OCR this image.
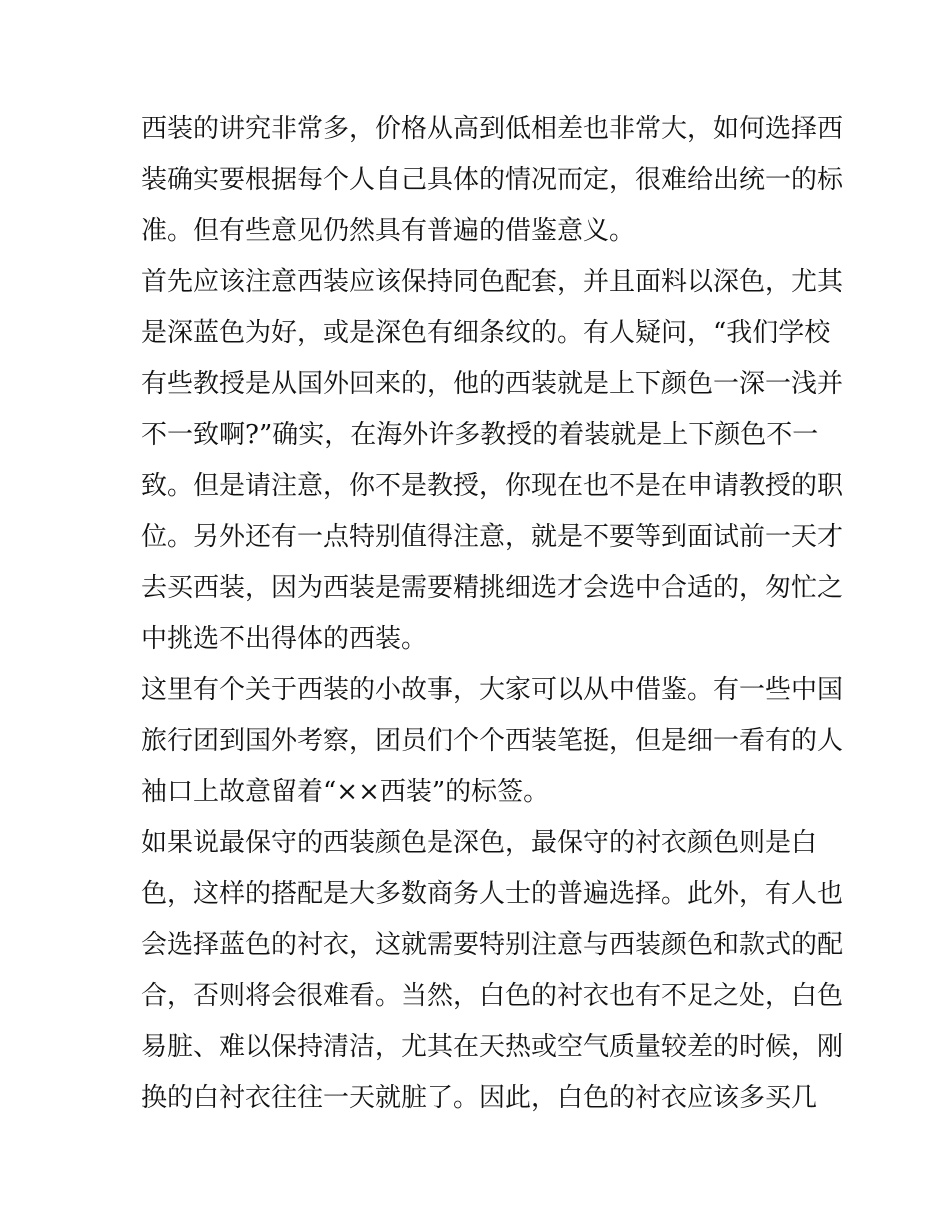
西装的讲究非常多，价格从高到低相差也非常大，如何选择西
装确实要根据每个人自己具体的情况而定，很难给出统一的标
准。但有些意见仍然具有普遍的借鉴意义。
首先应该注意西装应该保持同色配套，并且面料以深色，尤其
是深蓝色为好，或是深色有细条纹的。有人疑问，“我们学校
有些教授是从国外回来的，他的西装就是上下颜色一深一浅并
不一致啊?”确实，在海外许多教授的着装就是上下颜色不一
致。但是请注意，你不是教授，你现在也不是在申请教授的职
位。另外还有一点特别值得注意，就是不要等到面试前一天才
去买西装，因为西装是需要精挑细选才会选中合适的，匆忙之
中挑选不出得体的西装。
这里有个关于西装的小故事，大家可以从中借鉴。有一些中国
旅行团到国外考察，团员们个个西装笔挺，但是细一看有的人
袖口上故意留着“××西装”的标签。
如果说最保守的西装颜色是深色，最保守的衬衣颜色则是白
色，这样的搭配是大多数商务人士的普遍选择。此外，有人也
会选择蓝色的衬衣，这就需要特别注意与西装颜色和款式的配
合，否则将会很难看。当然，白色的衬衣也有不足之处，白色
易脏、难以保持清洁，尤其在天热或空气质量较差的时候，刚
换的白衬衣往往一天就脏了。因此，白色的衬衣应该多买几
